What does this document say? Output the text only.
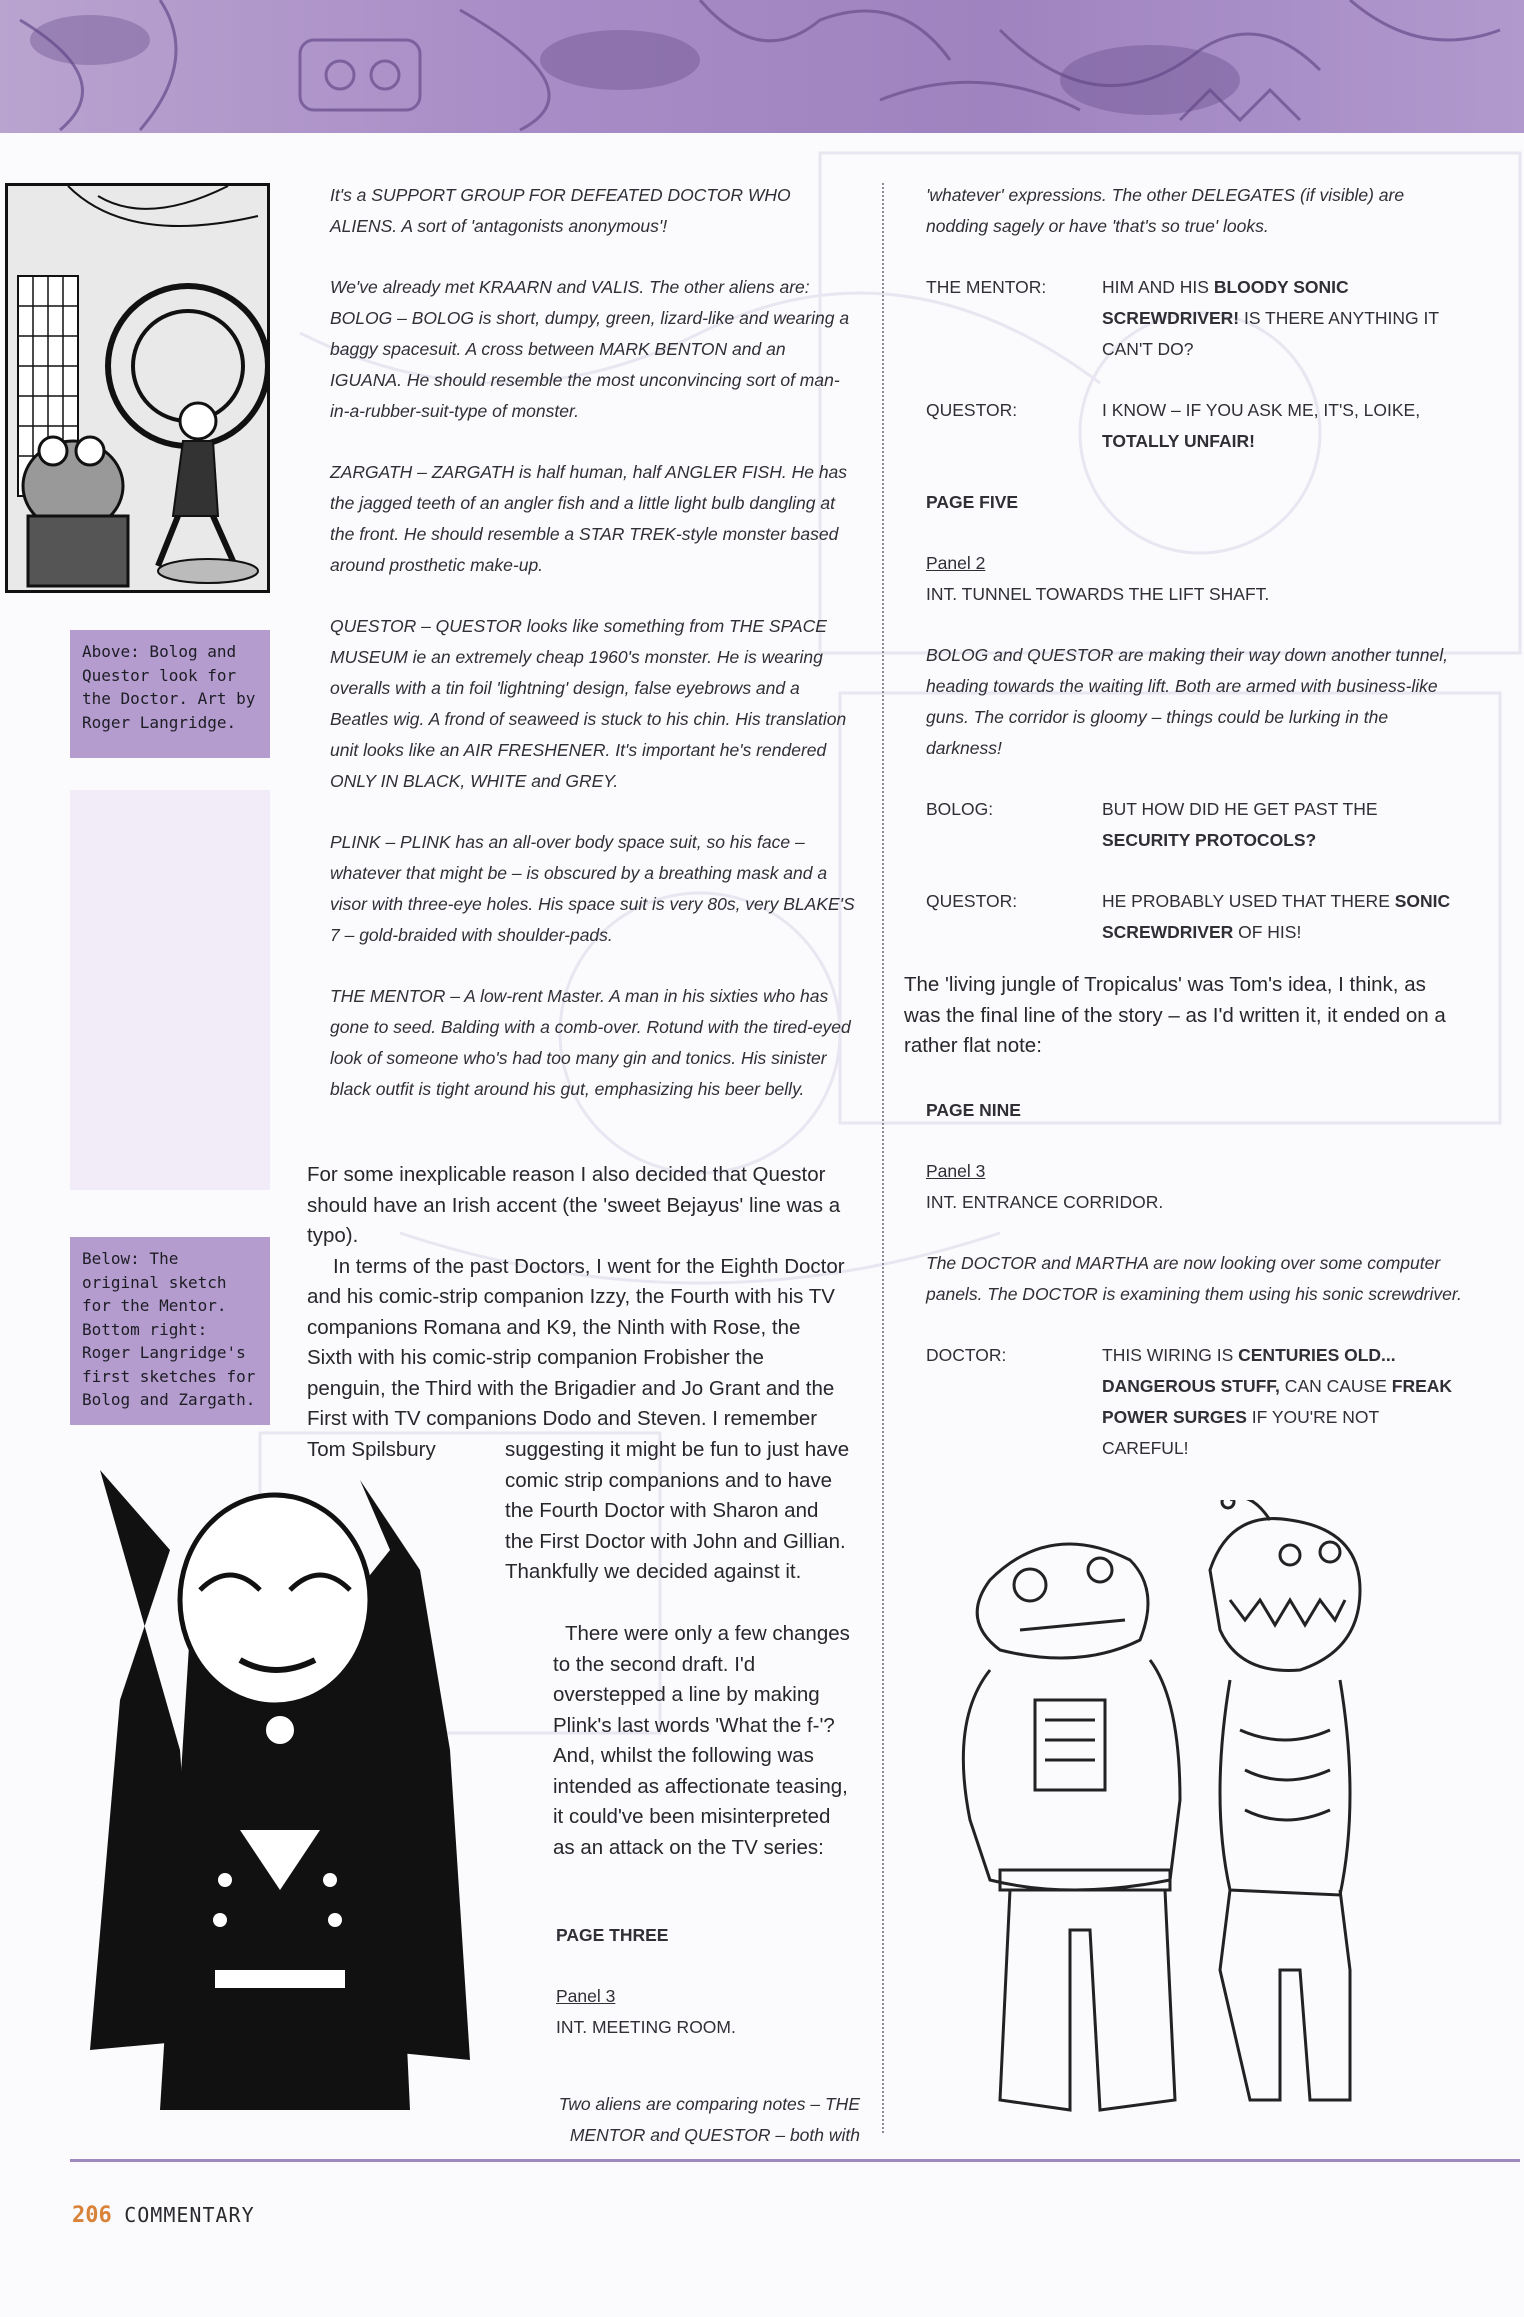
Above: Bolog and Questor look for the Doctor. Art by Roger Langridge.
Below: The original sketch for the Mentor. Bottom right: Roger Langridge's first sketches for Bolog and Zargath.

It's a SUPPORT GROUP FOR DEFEATED DOCTOR WHO ALIENS. A sort of 'antagonists anonymous'!

We've already met KRAARN and VALIS. The other aliens are: BOLOG – BOLOG is short, dumpy, green, lizard-like and wearing a baggy spacesuit. A cross between MARK BENTON and an IGUANA. He should resemble the most unconvincing sort of man-in-a-rubber-suit-type of monster.

ZARGATH – ZARGATH is half human, half ANGLER FISH. He has the jagged teeth of an angler fish and a little light bulb dangling at the front. He should resemble a STAR TREK-style monster based around prosthetic make-up.

QUESTOR – QUESTOR looks like something from THE SPACE MUSEUM ie an extremely cheap 1960's monster. He is wearing overalls with a tin foil 'lightning' design, false eyebrows and a Beatles wig. A frond of seaweed is stuck to his chin. His translation unit looks like an AIR FRESHENER. It's important he's rendered ONLY IN BLACK, WHITE and GREY.

PLINK – PLINK has an all-over body space suit, so his face – whatever that might be – is obscured by a breathing mask and a visor with three-eye holes. His space suit is very 80s, very BLAKE'S 7 – gold-braided with shoulder-pads.

THE MENTOR – A low-rent Master. A man in his sixties who has gone to seed. Balding with a comb-over. Rotund with the tired-eyed look of someone who's had too many gin and tonics. His sinister black outfit is tight around his gut, emphasizing his beer belly.

For some inexplicable reason I also decided that Questor should have an Irish accent (the 'sweet Bejayus' line was a typo).
In terms of the past Doctors, I went for the Eighth Doctor and his comic-strip companion Izzy, the Fourth with his TV companions Romana and K9, the Ninth with Rose, the Sixth with his comic-strip companion Frobisher the penguin, the Third with the Brigadier and Jo Grant and the First with TV companions Dodo and Steven. I remember Tom Spilsbury	suggesting it might be fun to just have comic strip companions and to have the Fourth Doctor with Sharon and the First Doctor with John and Gillian. Thankfully we decided against it.
There were only a few changes to the second draft. I'd overstepped a line by making Plink's last words 'What the f-'? And, whilst the following was intended as affectionate teasing, it could've been misinterpreted as an attack on the TV series:
PAGE THREE
Panel 3
INT. MEETING ROOM.
Two aliens are comparing notes – THE MENTOR and QUESTOR – both with

'whatever' expressions. The other DELEGATES (if visible) are nodding sagely or have 'that's so true' looks.

THE MENTOR:	HIM AND HIS BLOODY SONIC SCREWDRIVER! IS THERE ANYTHING IT CAN'T DO?
QUESTOR:	I KNOW – IF YOU ASK ME, IT'S, LOIKE, TOTALLY UNFAIR!
PAGE FIVE
Panel 2
INT. TUNNEL TOWARDS THE LIFT SHAFT.

BOLOG and QUESTOR are making their way down another tunnel, heading towards the waiting lift. Both are armed with business-like guns. The corridor is gloomy – things could be lurking in the darkness!

BOLOG:	BUT HOW DID HE GET PAST THE SECURITY PROTOCOLS?
QUESTOR:	HE PROBABLY USED THAT THERE SONIC SCREWDRIVER OF HIS!
The 'living jungle of Tropicalus' was Tom's idea, I think, as was the final line of the story – as I'd written it, it ended on a rather flat note:
PAGE NINE
Panel 3
INT. ENTRANCE CORRIDOR.

The DOCTOR and MARTHA are now looking over some computer panels. The DOCTOR is examining them using his sonic screwdriver.

DOCTOR:	THIS WIRING IS CENTURIES OLD... DANGEROUS STUFF, CAN CAUSE FREAK POWER SURGES IF YOU'RE NOT CAREFUL!
206 COMMENTARY
